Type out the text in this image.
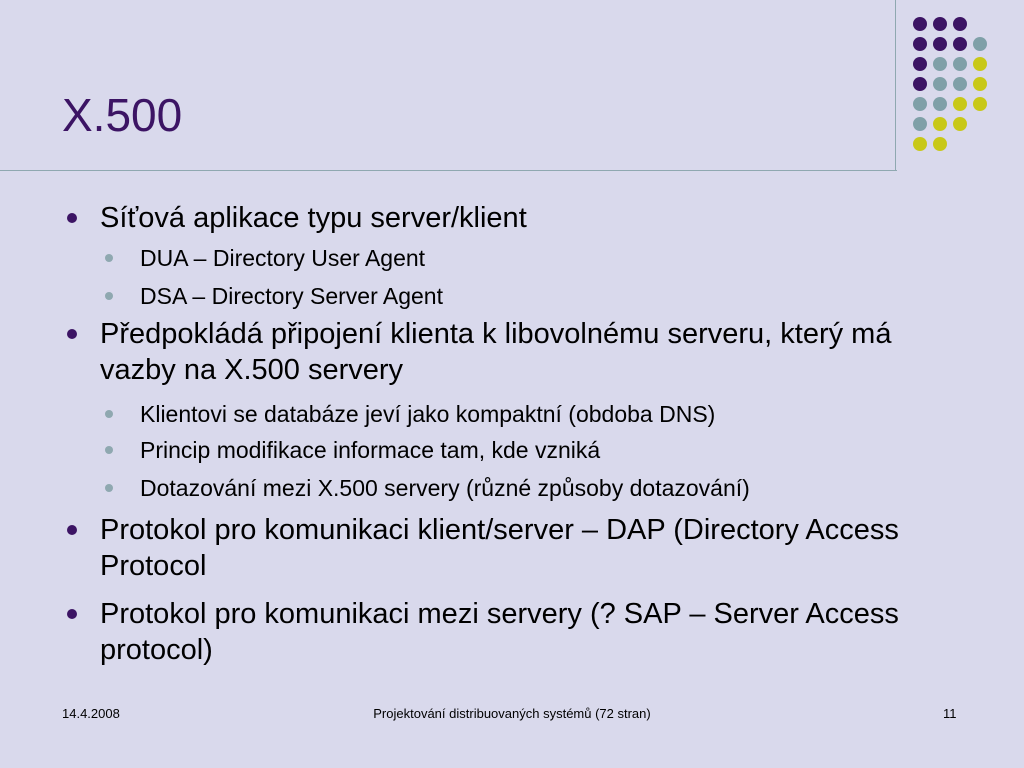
X.500
Síťová aplikace typu server/klient
DUA – Directory User Agent
DSA – Directory Server Agent
Předpokládá připojení klienta k libovolnému serveru, který má vazby na X.500 servery
Klientovi se databáze jeví jako kompaktní (obdoba DNS)
Princip modifikace informace tam, kde vzniká
Dotazování mezi X.500 servery (různé způsoby dotazování)
Protokol pro komunikaci klient/server – DAP (Directory Access Protocol
Protokol pro komunikaci mezi servery (? SAP – Server Access protocol)
14.4.2008	Projektování distribuovaných systémů (72 stran)	11
